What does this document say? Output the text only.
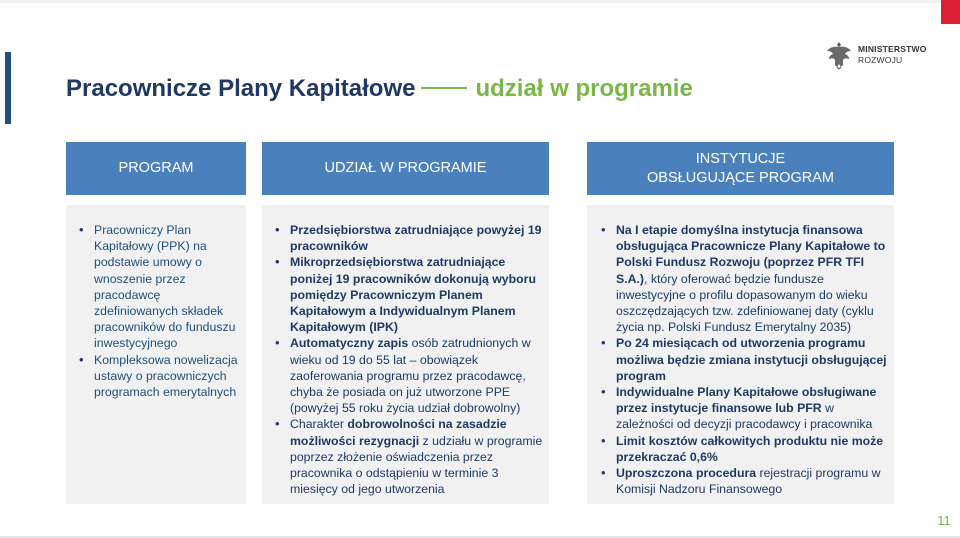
MINISTERSTWO
ROZWOJU
Pracownicze Plany Kapitałowe	udział w programie
PROGRAM	UDZIAŁ W PROGRAMIE
INSTYTUCJE
OBSŁUGUJĄCE PROGRAM
• Pracowniczy Plan Kapitałowy (PPK) na podstawie umowy o wnoszenie przez pracodawcę zdefiniowanych składek pracowników do funduszu inwestycyjnego
• Kompleksowa nowelizacja ustawy o pracowniczych programach emerytalnych
• Przedsiębiorstwa zatrudniające powyżej 19 pracowników
• Mikroprzedsiębiorstwa zatrudniające poniżej 19 pracowników dokonują wyboru pomiędzy Pracowniczym Planem Kapitałowym a Indywidualnym Planem Kapitałowym (IPK)
• Automatyczny zapis osób zatrudnionych w wieku od 19 do 55 lat – obowiązek zaoferowania programu przez pracodawcę, chyba że posiada on już utworzone PPE (powyżej 55 roku życia udział dobrowolny)
• Charakter dobrowolności na zasadzie możliwości rezygnacji z udziału w programie poprzez złożenie oświadczenia przez pracownika o odstąpieniu w terminie 3 miesięcy od jego utworzenia
• Na I etapie domyślna instytucja finansowa obsługująca Pracownicze Plany Kapitałowe to Polski Fundusz Rozwoju (poprzez PFR TFI S.A.), który oferować będzie fundusze inwestycyjne o profilu dopasowanym do wieku oszczędzających tzw. zdefiniowanej daty (cyklu życia np. Polski Fundusz Emerytalny 2035)
• Po 24 miesiącach od utworzenia programu możliwa będzie zmiana instytucji obsługującej program
• Indywidualne Plany Kapitałowe obsługiwane przez instytucje finansowe lub PFR w zależności od decyzji pracodawcy i pracownika
• Limit kosztów całkowitych produktu nie może przekraczać 0,6%
• Uproszczona procedura rejestracji programu w Komisji Nadzoru Finansowego
11
